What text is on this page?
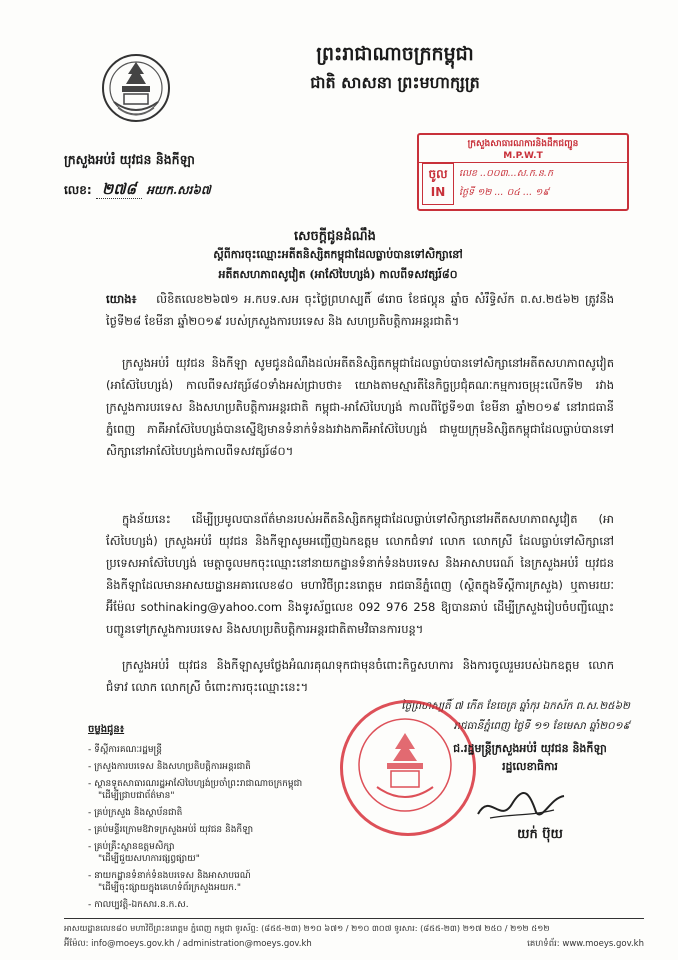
ព្រះរាជាណាចក្រកម្ពុជា
ជាតិ សាសនា ព្រះមហាក្សត្រ
ក្រសួងអប់រំ យុវជន និងកីឡា
លេខ: ២៧៨ អយក.សរ៦៧
ក្រសួងសាធារណការនិងដឹកជញ្ជូន
M.P.W.T
ចូល
IN
លេខ ..០០៣...ស.ក.ន.ក
ថ្ងៃទី ១២ ... ០៤ ... ១៩
សេចក្តីជូនដំណឹង
ស្តីពីការចុះឈ្មោះអតីតនិស្សិតកម្ពុជាដែលធ្លាប់បានទៅសិក្សានៅ
អតីតសហភាពសូវៀត (អាស៊ែបៃហ្សង់) កាលពីទសវត្សរ៍៨០
យោង៖ លិខិតលេខ២៦៧១ អ.កបទ.សអ ចុះថ្ងៃព្រហស្បតិ៍ ៨រោច ខែផល្គុន ឆ្នាំច សំរឹទ្ធិស័ក ព.ស.២៥៦២ ត្រូវនឹងថ្ងៃទី២៨ ខែមីនា ឆ្នាំ២០១៩ របស់ក្រសួងការបរទេស និង សហប្រតិបត្តិការអន្តរជាតិ។
ក្រសួងអប់រំ យុវជន និងកីឡា សូមជូនដំណឹងដល់អតីតនិស្សិតកម្ពុជាដែលធ្លាប់បានទៅសិក្សានៅអតីតសហភាពសូវៀត (អាស៊ែបៃហ្សង់) កាលពីទសវត្សរ៍៨០ទាំងអស់ជ្រាបថា៖ យោងតាមស្មារតីនៃកិច្ចប្រជុំគណៈកម្មការចម្រុះលើកទី២ រវាងក្រសួងការបរទេស និងសហប្រតិបត្តិការអន្តរជាតិ កម្ពុជា-អាស៊ែបៃហ្សង់ កាលពីថ្ងៃទី១៣ ខែមីនា ឆ្នាំ២០១៩ នៅរាជធានីភ្នំពេញ ភាគីអាស៊ែបៃហ្សង់បានស្នើឱ្យមានទំនាក់ទំនងរវាងភាគីអាស៊ែបៃហ្សង់ ជាមួយក្រុមនិស្សិតកម្ពុជាដែលធ្លាប់បានទៅសិក្សានៅអាស៊ែបៃហ្សង់កាលពីទសវត្សរ៍៨០។
ក្នុងន័យនេះ ដើម្បីប្រមូលបានព័ត៌មានរបស់អតីតនិស្សិតកម្ពុជាដែលធ្លាប់ទៅសិក្សានៅអតីតសហភាពសូវៀត (អាស៊ែបៃហ្សង់) ក្រសួងអប់រំ យុវជន និងកីឡាសូមអញ្ជើញឯកឧត្តម លោកជំទាវ លោក លោកស្រី ដែលធ្លាប់ទៅសិក្សានៅប្រទេសអាស៊ែបៃហ្សង់ មេត្តាចូលមកចុះឈ្មោះនៅនាយកដ្ឋានទំនាក់ទំនងបរទេស និងអាសាបរេណ៍ នៃក្រសួងអប់រំ យុវជន និងកីឡាដែលមានអាសយដ្ឋានអគារលេខ៨០ មហាវិថីព្រះនរោត្តម រាជធានីភ្នំពេញ (ស្ថិតក្នុងទីស្តីការក្រសួង) ឬតាមរយៈ អ៊ីម៉ែល sothinaking@yahoo.com និងទូរស័ព្ទលេខ 092 976 258 ឱ្យបានឆាប់ ដើម្បីក្រសួងរៀបចំបញ្ជីឈ្មោះបញ្ជូនទៅក្រសួងការបរទេស និងសហប្រតិបត្តិការអន្តរជាតិតាមវិធានការបន្ត។
ក្រសួងអប់រំ យុវជន និងកីឡាសូមថ្លែងអំណរគុណទុកជាមុនចំពោះកិច្ចសហការ និងការចូលរួមរបស់ឯកឧត្តម លោកជំទាវ លោក លោកស្រី ចំពោះការចុះឈ្មោះនេះ។
ថ្ងៃព្រហស្បតិ៍ ៧ កើត ខែចេត្រ ឆ្នាំកុរ ឯកស័ក ព.ស.២៥៦២
រាជធានីភ្នំពេញ ថ្ងៃទី ១១ ខែមេសា ឆ្នាំ២០១៩
ជ.រដ្ឋមន្ត្រីក្រសួងអប់រំ យុវជន និងកីឡា
រដ្ឋលេខាធិការ
យក់ ប៊ុយ
ចម្លងជូន៖
- ទីស្តីការគណៈរដ្ឋមន្ត្រី
- ក្រសួងការបរទេស និងសហប្រតិបត្តិការអន្តរជាតិ
- ស្ថានទូតសាធារណរដ្ឋអាស៊ែបៃហ្សង់ប្រចាំព្រះរាជាណាចក្រកម្ពុជា
"ដើម្បីជ្រាបជាព័ត៌មាន"
- គ្រប់ក្រសួង និងស្ថាប័នជាតិ
- គ្រប់មន្ទីរក្រោមឱវាទក្រសួងអប់រំ យុវជន និងកីឡា
- គ្រប់គ្រឹះស្ថានឧត្តមសិក្សា
"ដើម្បីជួយសហការផ្សព្វផ្សាយ"
- នាយកដ្ឋានទំនាក់ទំនងបរទេស និងអាសាបរេណ៍
"ដើម្បីចុះផ្សាយក្នុងគេហទំព័រក្រសួងអយក."
- កាលប្បវត្តិ-ឯកសារ.ន.ក.ស.
អាសយដ្ឋានលេខ៨០ មហាវិថីព្រះនរោត្តម ភ្នំពេញ កម្ពុជា ទូរស័ព្ទ: (៨៥៥-២៣) ២១០ ៦៧១ / ២១០ ៣០៧ ទូរសារ: (៨៥៥-២៣) ២១៧ ២៥០ / ២១២ ៥១២
អ៊ីម៉ែល: info@moeys.gov.kh / administration@moeys.gov.kh	គេហទំព័រ: www.moeys.gov.kh
